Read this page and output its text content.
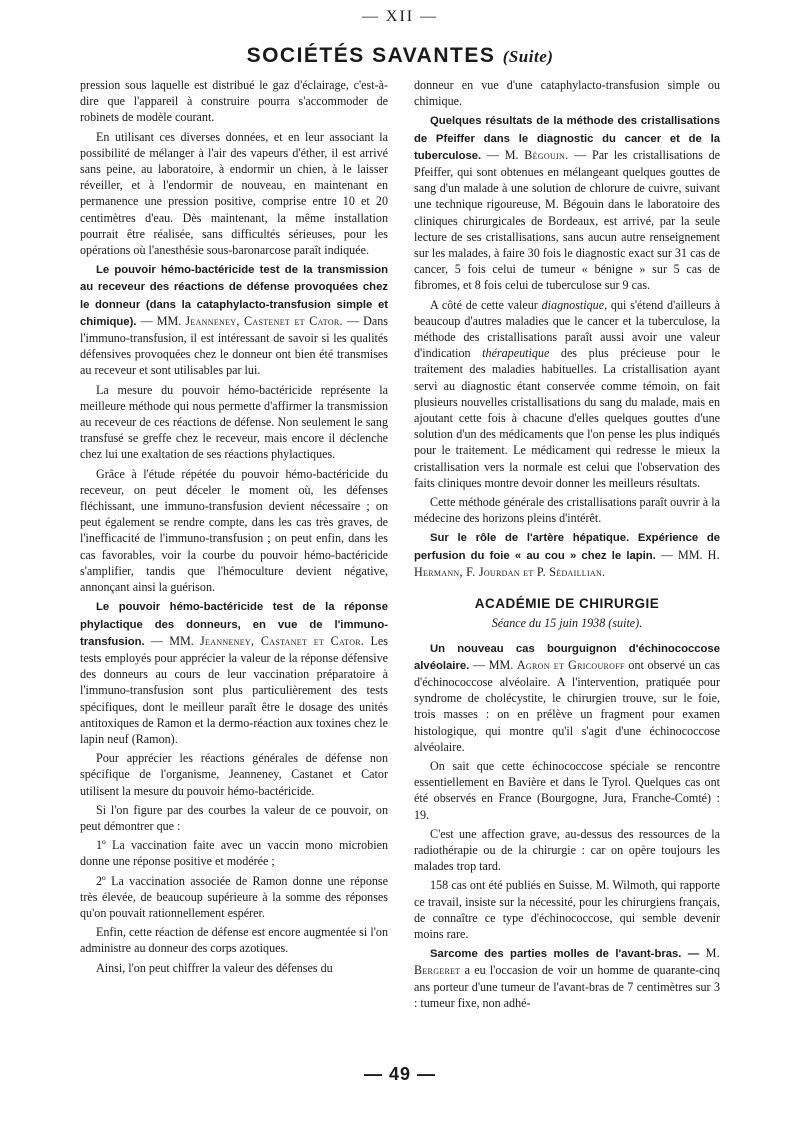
— XII —
SOCIÉTÉS SAVANTES (Suite)

pression sous laquelle est distribué le gaz d'éclairage, c'est-à-dire que l'appareil à construire pourra s'accommoder de robinets de modèle courant.

En utilisant ces diverses données, et en leur associant la possibilité de mélanger à l'air des vapeurs d'éther, il est arrivé sans peine, au laboratoire, à endormir un chien, à le laisser réveiller, et à l'endormir de nouveau, en maintenant en permanence une pression positive, comprise entre 10 et 20 centimètres d'eau. Dès maintenant, la même installation pourrait être réalisée, sans difficultés sérieuses, pour les opérations où l'anesthésie sous-baronarcose paraît indiquée.

Le pouvoir hémo-bactéricide test de la transmission au receveur des réactions de défense provoquées chez le donneur (dans la cataphylacto-transfusion simple et chimique). — MM. Jeanneney, Castenet et Cator. — Dans l'immuno-transfusion, il est intéressant de savoir si les qualités défensives provoquées chez le donneur ont bien été transmises au receveur et sont utilisables par lui.

La mesure du pouvoir hémo-bactéricide représente la meilleure méthode qui nous permette d'affirmer la transmission au receveur de ces réactions de défense. Non seulement le sang transfusé se greffe chez le receveur, mais encore il déclenche chez lui une exaltation de ses réactions phylactiques.

Grâce à l'étude répétée du pouvoir hémo-bactéricide du receveur, on peut déceler le moment où, les défenses fléchissant, une immuno-transfusion devient nécessaire ; on peut également se rendre compte, dans les cas très graves, de l'inefficacité de l'immuno-transfusion ; on peut enfin, dans les cas favorables, voir la courbe du pouvoir hémo-bactéricide s'amplifier, tandis que l'hémoculture devient négative, annonçant ainsi la guérison.

Le pouvoir hémo-bactéricide test de la réponse phylactique des donneurs, en vue de l'immuno-transfusion. — MM. Jeanneney, Castanet et Cator. Les tests employés pour apprécier la valeur de la réponse défensive des donneurs au cours de leur vaccination préparatoire à l'immuno-transfusion sont plus particulièrement des tests spécifiques, dont le meilleur paraît être le dosage des unités antitoxiques de Ramon et la dermo-réaction aux toxines chez le lapin neuf (Ramon).

Pour apprécier les réactions générales de défense non spécifique de l'organisme, Jeanneney, Castanet et Cator utilisent la mesure du pouvoir hémo-bactéricide.

Si l'on figure par des courbes la valeur de ce pouvoir, on peut démontrer que :

1º La vaccination faite avec un vaccin mono microbien donne une réponse positive et modérée ;

2º La vaccination associée de Ramon donne une réponse très élevée, de beaucoup supérieure à la somme des réponses qu'on pouvait rationnellement espérer.

Enfin, cette réaction de défense est encore augmentée si l'on administre au donneur des corps azotiques.

Ainsi, l'on peut chiffrer la valeur des défenses du

donneur en vue d'une cataphylacto-transfusion simple ou chimique.

Quelques résultats de la méthode des cristallisations de Pfeiffer dans le diagnostic du cancer et de la tuberculose. — M. Bégouin. — Par les cristallisations de Pfeiffer, qui sont obtenues en mélangeant quelques gouttes de sang d'un malade à une solution de chlorure de cuivre, suivant une technique rigoureuse, M. Bégouin dans le laboratoire des cliniques chirurgicales de Bordeaux, est arrivé, par la seule lecture de ses cristallisations, sans aucun autre renseignement sur les malades, à faire 30 fois le diagnostic exact sur 31 cas de cancer, 5 fois celui de tumeur « bénigne » sur 5 cas de fibromes, et 8 fois celui de tuberculose sur 9 cas.

A côté de cette valeur diagnostique, qui s'étend d'ailleurs à beaucoup d'autres maladies que le cancer et la tuberculose, la méthode des cristallisations paraît aussi avoir une valeur d'indication thérapeutique des plus précieuse pour le traitement des maladies habituelles. La cristallisation ayant servi au diagnostic étant conservée comme témoin, on fait plusieurs nouvelles cristallisations du sang du malade, mais en ajoutant cette fois à chacune d'elles quelques gouttes d'une solution d'un des médicaments que l'on pense les plus indiqués pour le traitement. Le médicament qui redresse le mieux la cristallisation vers la normale est celui que l'observation des faits cliniques montre devoir donner les meilleurs résultats.

Cette méthode générale des cristallisations paraît ouvrir à la médecine des horizons pleins d'intérêt.

Sur le rôle de l'artère hépatique. Expérience de perfusion du foie « au cou » chez le lapin. — MM. H. Hermann, F. Jourdan et P. Sédaillian.

ACADÉMIE DE CHIRURGIE
Séance du 15 juin 1938 (suite).

Un nouveau cas bourguignon d'échinococcose alvéolaire. — MM. Agron et Gricouroff ont observé un cas d'échinococcose alvéolaire. A l'intervention, pratiquée pour syndrome de cholécystite, le chirurgien trouve, sur le foie, trois masses : on en prélève un fragment pour examen histologique, qui montre qu'il s'agit d'une échinococcose alvéolaire.

On sait que cette échinococcose spéciale se rencontre essentiellement en Bavière et dans le Tyrol. Quelques cas ont été observés en France (Bourgogne, Jura, Franche-Comté) : 19.

C'est une affection grave, au-dessus des ressources de la radiothérapie ou de la chirurgie : car on opère toujours les malades trop tard.

158 cas ont été publiés en Suisse. M. Wilmoth, qui rapporte ce travail, insiste sur la nécessité, pour les chirurgiens français, de connaître ce type d'échinococcose, qui semble devenir moins rare.

Sarcome des parties molles de l'avant-bras. — M. Bergeret a eu l'occasion de voir un homme de quarante-cinq ans porteur d'une tumeur de l'avant-bras de 7 centimètres sur 3 : tumeur fixe, non adhé-

— 49 —
